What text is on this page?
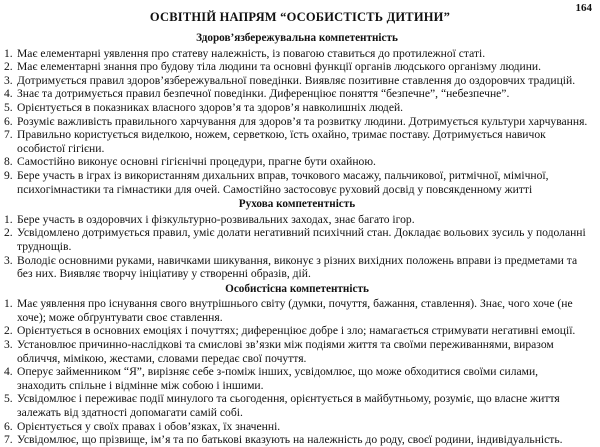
164
ОСВІТНІЙ НАПРЯМ “ОСОБИСТІСТЬ ДИТИНИ”
Здоров’язбережувальна компетентність
1. Має елементарні уявлення про статеву належність, із повагою ставиться до протилежної статі.
2. Має елементарні знання про будову тіла людини та основні функції органів людського організму людини.
3. Дотримується правил здоров’язбережувальної поведінки. Виявляє позитивне ставлення до оздоровчих традицій.
4. Знає та дотримується правил безпечної поведінки. Диференціює поняття “безпечне”, “небезпечне”.
5. Орієнтується в показниках власного здоров’я та здоров’я навколишніх людей.
6. Розуміє важливість правильного харчування для здоров’я та розвитку людини. Дотримується культури харчування.
7. Правильно користується виделкою, ножем, серветкою, їсть охайно, тримає поставу. Дотримується навичок особистої гігієни.
8. Самостійно виконує основні гігієнічні процедури, прагне бути охайною.
9. Бере участь в іграх із використанням дихальних вправ, точкового масажу, пальчикової, ритмічної, мімічної, психогімнастики та гімнастики для очей. Самостійно застосовує руховий досвід у повсякденному житті
Рухова компетентність
1. Бере участь в оздоровчих і фізкультурно-розвивальних заходах, знає багато ігор.
2. Усвідомлено дотримується правил, уміє долати негативний психічний стан. Докладає вольових зусиль у подоланні труднощів.
3. Володіє основними руками, навичками шикування, виконує з різних вихідних положень вправи із предметами та без них. Виявляє творчу ініціативу у створенні образів, дій.
Особистісна компетентність
1. Має уявлення про існування свого внутрішнього світу (думки, почуття, бажання, ставлення). Знає, чого хоче (не хоче); може обґрунтувати своє ставлення.
2. Орієнтується в основних емоціях і почуттях; диференціює добре і зло; намагається стримувати негативні емоції.
3. Установлює причинно-наслідкові та смислові зв’язки між подіями життя та своїми переживаннями, виразом обличчя, мімікою, жестами, словами передає свої почуття.
4. Оперує займенником “Я”, вирізняє себе з-поміж інших, усвідомлює, що може обходитися своїми силами, знаходить спільне і відмінне між собою і іншими.
5. Усвідомлює і переживає події минулого та сьогодення, орієнтується в майбутньому, розуміє, що власне життя залежать від здатності допомагати самій собі.
6. Орієнтується у своїх правах і обов’язках, їх значенні.
7. Усвідомлює, що прізвище, ім’я та по батькові вказують на належність до роду, своєї родини, індивідуальність.
